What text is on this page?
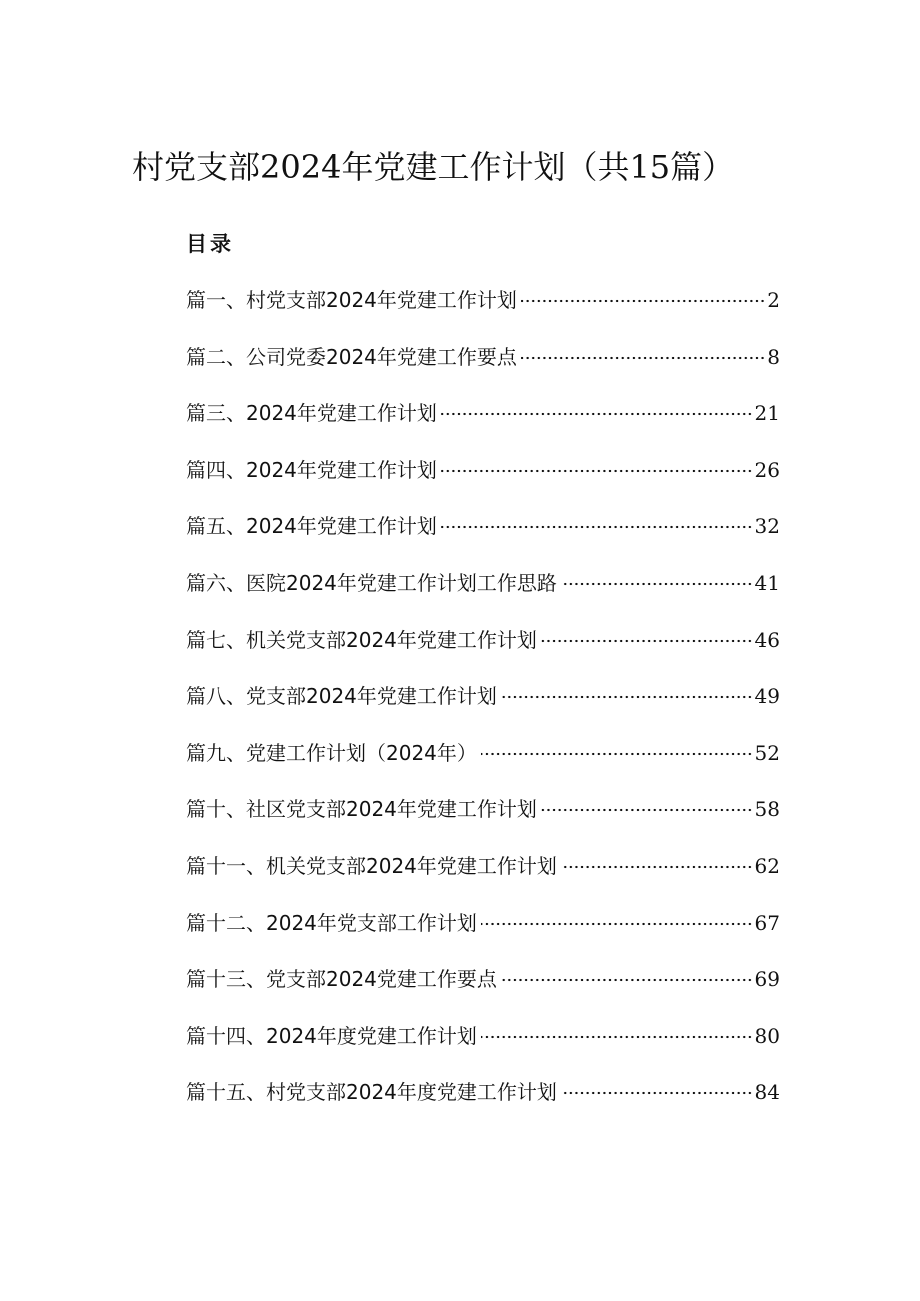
村党支部2024年党建工作计划（共15篇）
目录
篇一、村党支部2024年党建工作计划	2
篇二、公司党委2024年党建工作要点	8
篇三、2024年党建工作计划	21
篇四、2024年党建工作计划	26
篇五、2024年党建工作计划	32
篇六、医院2024年党建工作计划工作思路	41
篇七、机关党支部2024年党建工作计划	46
篇八、党支部2024年党建工作计划	49
篇九、党建工作计划（2024年）	52
篇十、社区党支部2024年党建工作计划	58
篇十一、机关党支部2024年党建工作计划	62
篇十二、2024年党支部工作计划	67
篇十三、党支部2024党建工作要点	69
篇十四、2024年度党建工作计划	80
篇十五、村党支部2024年度党建工作计划	84
